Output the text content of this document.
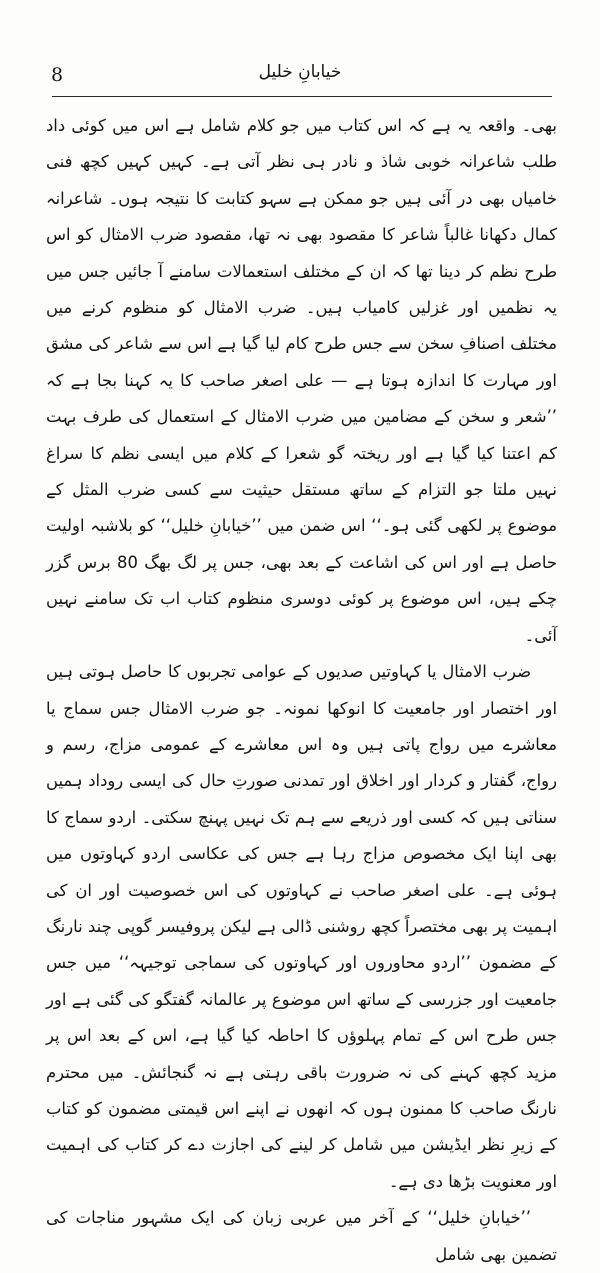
8	خیابانِ خلیل

بھی۔ واقعہ یہ ہے کہ اس کتاب میں جو کلام شامل ہے اس میں کوئی داد طلب شاعرانہ خوبی شاذ و نادر ہی نظر آتی ہے۔ کہیں کہیں کچھ فنی خامیاں بھی در آئی ہیں جو ممکن ہے سہو کتابت کا نتیجہ ہوں۔ شاعرانہ کمال دکھانا غالباً شاعر کا مقصود بھی نہ تھا، مقصود ضرب الامثال کو اس طرح نظم کر دینا تھا کہ ان کے مختلف استعمالات سامنے آ جائیں جس میں یہ نظمیں اور غزلیں کامیاب ہیں۔ ضرب الامثال کو منظوم کرنے میں مختلف اصنافِ سخن سے جس طرح کام لیا گیا ہے اس سے شاعر کی مشق اور مہارت کا اندازہ ہوتا ہے — علی اصغر صاحب کا یہ کہنا بجا ہے کہ ’’شعر و سخن کے مضامین میں ضرب الامثال کے استعمال کی طرف بہت کم اعتنا کیا گیا ہے اور ریختہ گو شعرا کے کلام میں ایسی نظم کا سراغ نہیں ملتا جو التزام کے ساتھ مستقل حیثیت سے کسی ضرب المثل کے موضوع پر لکھی گئی ہو۔‘‘ اس ضمن میں ’’خیابانِ خلیل‘‘ کو بلاشبہ اولیت حاصل ہے اور اس کی اشاعت کے بعد بھی، جس پر لگ بھگ 80 برس گزر چکے ہیں، اس موضوع پر کوئی دوسری منظوم کتاب اب تک سامنے نہیں آئی۔

ضرب الامثال یا کہاوتیں صدیوں کے عوامی تجربوں کا حاصل ہوتی ہیں اور اختصار اور جامعیت کا انوکھا نمونہ۔ جو ضرب الامثال جس سماج یا معاشرے میں رواج پاتی ہیں وہ اس معاشرے کے عمومی مزاج، رسم و رواج، گفتار و کردار اور اخلاق اور تمدنی صورتِ حال کی ایسی روداد ہمیں سناتی ہیں کہ کسی اور ذریعے سے ہم تک نہیں پہنچ سکتی۔ اردو سماج کا بھی اپنا ایک مخصوص مزاج رہا ہے جس کی عکاسی اردو کہاوتوں میں ہوئی ہے۔ علی اصغر صاحب نے کہاوتوں کی اس خصوصیت اور ان کی اہمیت پر بھی مختصراً کچھ روشنی ڈالی ہے لیکن پروفیسر گوپی چند نارنگ کے مضمون ’’اردو محاوروں اور کہاوتوں کی سماجی توجیہہ‘‘ میں جس جامعیت اور جزرسی کے ساتھ اس موضوع پر عالمانہ گفتگو کی گئی ہے اور جس طرح اس کے تمام پہلوؤں کا احاطہ کیا گیا ہے، اس کے بعد اس پر مزید کچھ کہنے کی نہ ضرورت باقی رہتی ہے نہ گنجائش۔ میں محترم نارنگ صاحب کا ممنون ہوں کہ انھوں نے اپنے اس قیمتی مضمون کو کتاب کے زیرِ نظر ایڈیشن میں شامل کر لینے کی اجازت دے کر کتاب کی اہمیت اور معنویت بڑھا دی ہے۔

’’خیابانِ خلیل‘‘ کے آخر میں عربی زبان کی ایک مشہور مناجات کی تضمین بھی شامل
